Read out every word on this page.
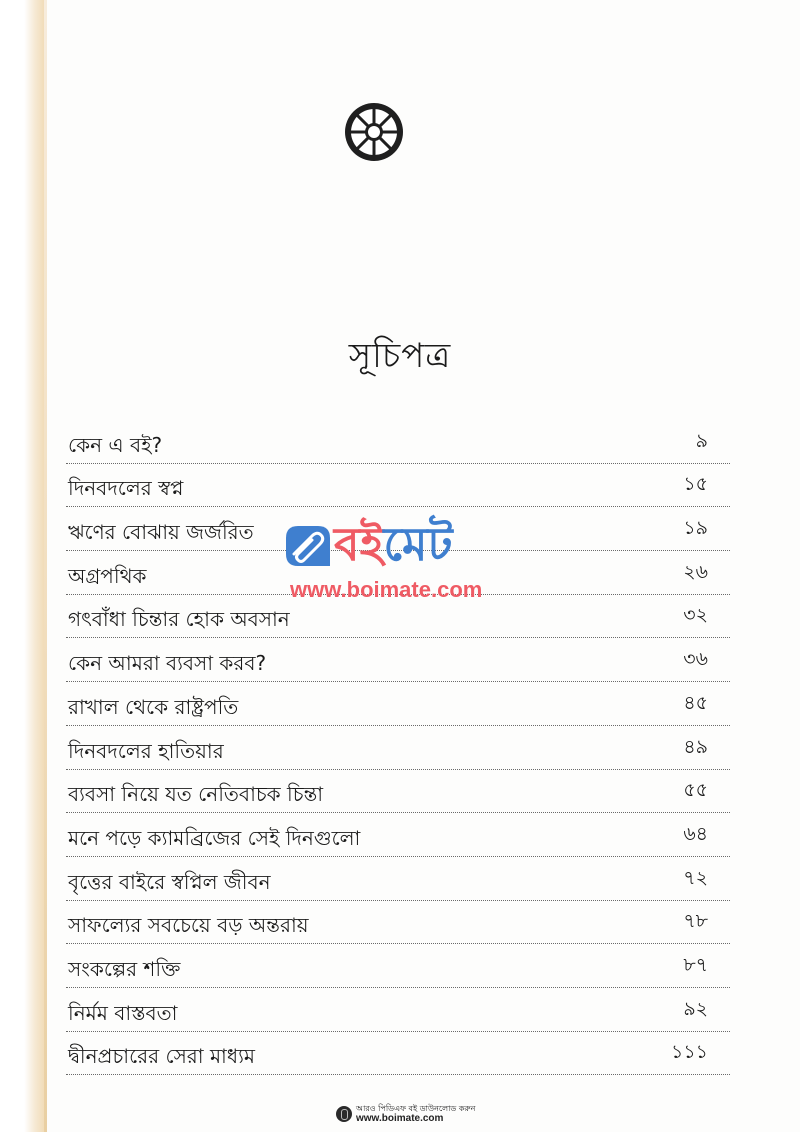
সূচিপত্র
কেন এ বই?	৯
দিনবদলের স্বপ্ন	১৫
ঋণের বোঝায় জর্জরিত	১৯
অগ্রপথিক	২৬
গৎবাঁধা চিন্তার হোক অবসান	৩২
কেন আমরা ব্যবসা করব?	৩৬
রাখাল থেকে রাষ্ট্রপতি	৪৫
দিনবদলের হাতিয়ার	৪৯
ব্যবসা নিয়ে যত নেতিবাচক চিন্তা	৫৫
মনে পড়ে ক্যামব্রিজের সেই দিনগুলো	৬৪
বৃত্তের বাইরে স্বপ্নিল জীবন	৭২
সাফল্যের সবচেয়ে বড় অন্তরায়	৭৮
সংকল্পের শক্তি	৮৭
নির্মম বাস্তবতা	৯২
দ্বীনপ্রচারের সেরা মাধ্যম	১১১
বইমেট
www.boimate.com
আরও পিডিএফ বই ডাউনলোড করুন
www.boimate.com
